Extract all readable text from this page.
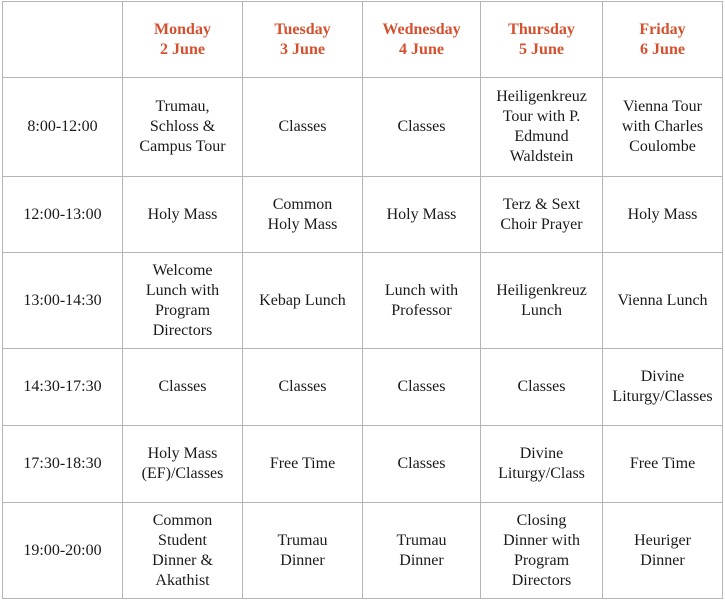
	Monday
2 June	Tuesday
3 June	Wednesday
4 June	Thursday
5 June	Friday
6 June

8:00-12:00	Trumau,
Schloss &
Campus Tour	Classes	Classes	Heiligenkreuz
Tour with P.
Edmund
Waldstein	Vienna Tour
with Charles
Coulombe

12:00-13:00	Holy Mass	Common
Holy Mass	Holy Mass	Terz & Sext
Choir Prayer	Holy Mass

13:00-14:30	Welcome
Lunch with
Program
Directors	Kebap Lunch	Lunch with
Professor	Heiligenkreuz
Lunch	Vienna Lunch

14:30-17:30	Classes	Classes	Classes	Classes	Divine
Liturgy/Classes

17:30-18:30	Holy Mass
(EF)/Classes	Free Time	Classes	Divine
Liturgy/Class	Free Time

19:00-20:00	Common
Student
Dinner &
Akathist	Trumau
Dinner	Trumau
Dinner	Closing
Dinner with
Program
Directors	Heuriger
Dinner
